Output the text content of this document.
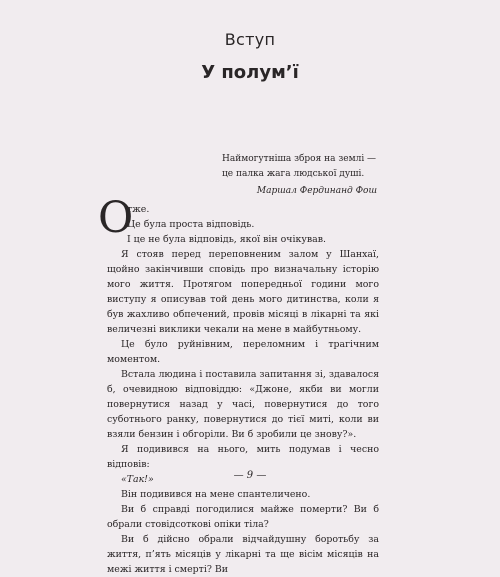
Вступ
У полум’ї
Наймогутніша зброя на землі —
це палка жага людської душі.
Маршал Фердинанд Фош
О

тже.

Це була проста відповідь.

І це не була відповідь, якої він очікував.

Я стояв перед переповненим залом у Шанхаї, щойно закінчивши сповідь про визначальну історію мого життя. Протягом попередньої години мого виступу я описував той день мого дитинства, коли я був жахливо обпечений, провів місяці в лікарні та які величезні виклики чекали на мене в майбутньому.

Це було руйнівним, переломним і трагічним моментом.

Встала людина і поставила запитання зі, здавалося б, очевидною відповіддю: «Джоне, якби ви могли повернутися назад у часі, повернутися до того суботнього ранку, повернутися до тієї миті, коли ви взяли бензин і обгоріли. Ви б зробили це знову?».

Я подивився на нього, мить подумав і чесно відповів:

«Так!»

Він подивився на мене спантеличено.

Ви б справді погодилися майже померти? Ви б обрали стовідсоткові опіки тіла?

Ви б дійсно обрали відчайдушну боротьбу за життя, п’ять місяців у лікарні та ще вісім місяців на межі життя і смерті? Ви

— 9 —
